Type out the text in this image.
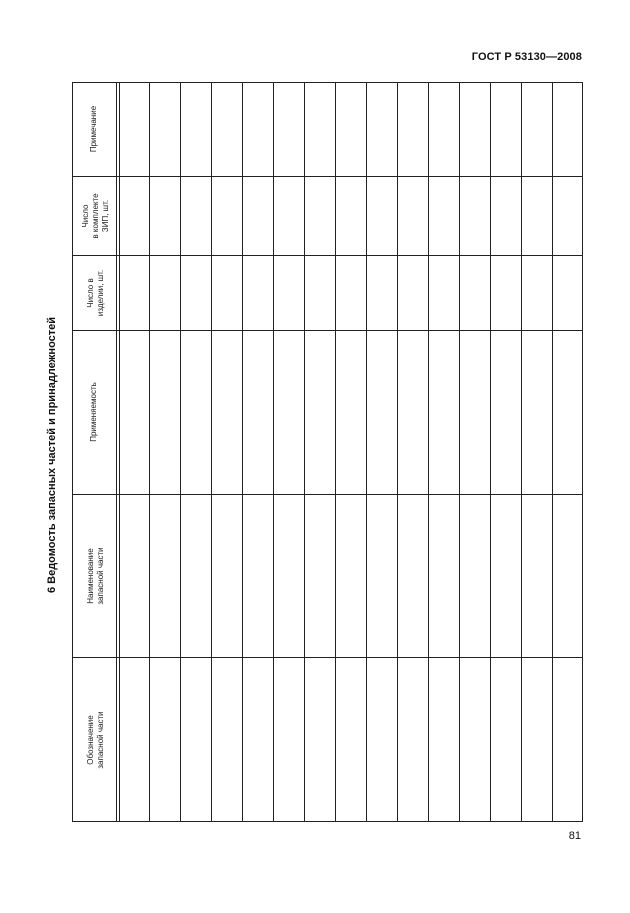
ГОСТ Р 53130—2008
6 Ведомость запасных частей и принадлежностей
Примечание
Число
в комплекте
ЗИП, шт.
Число в
изделии, шт.
Применяемость
Наименование
запасной части
Обозначение
запасной части
81
